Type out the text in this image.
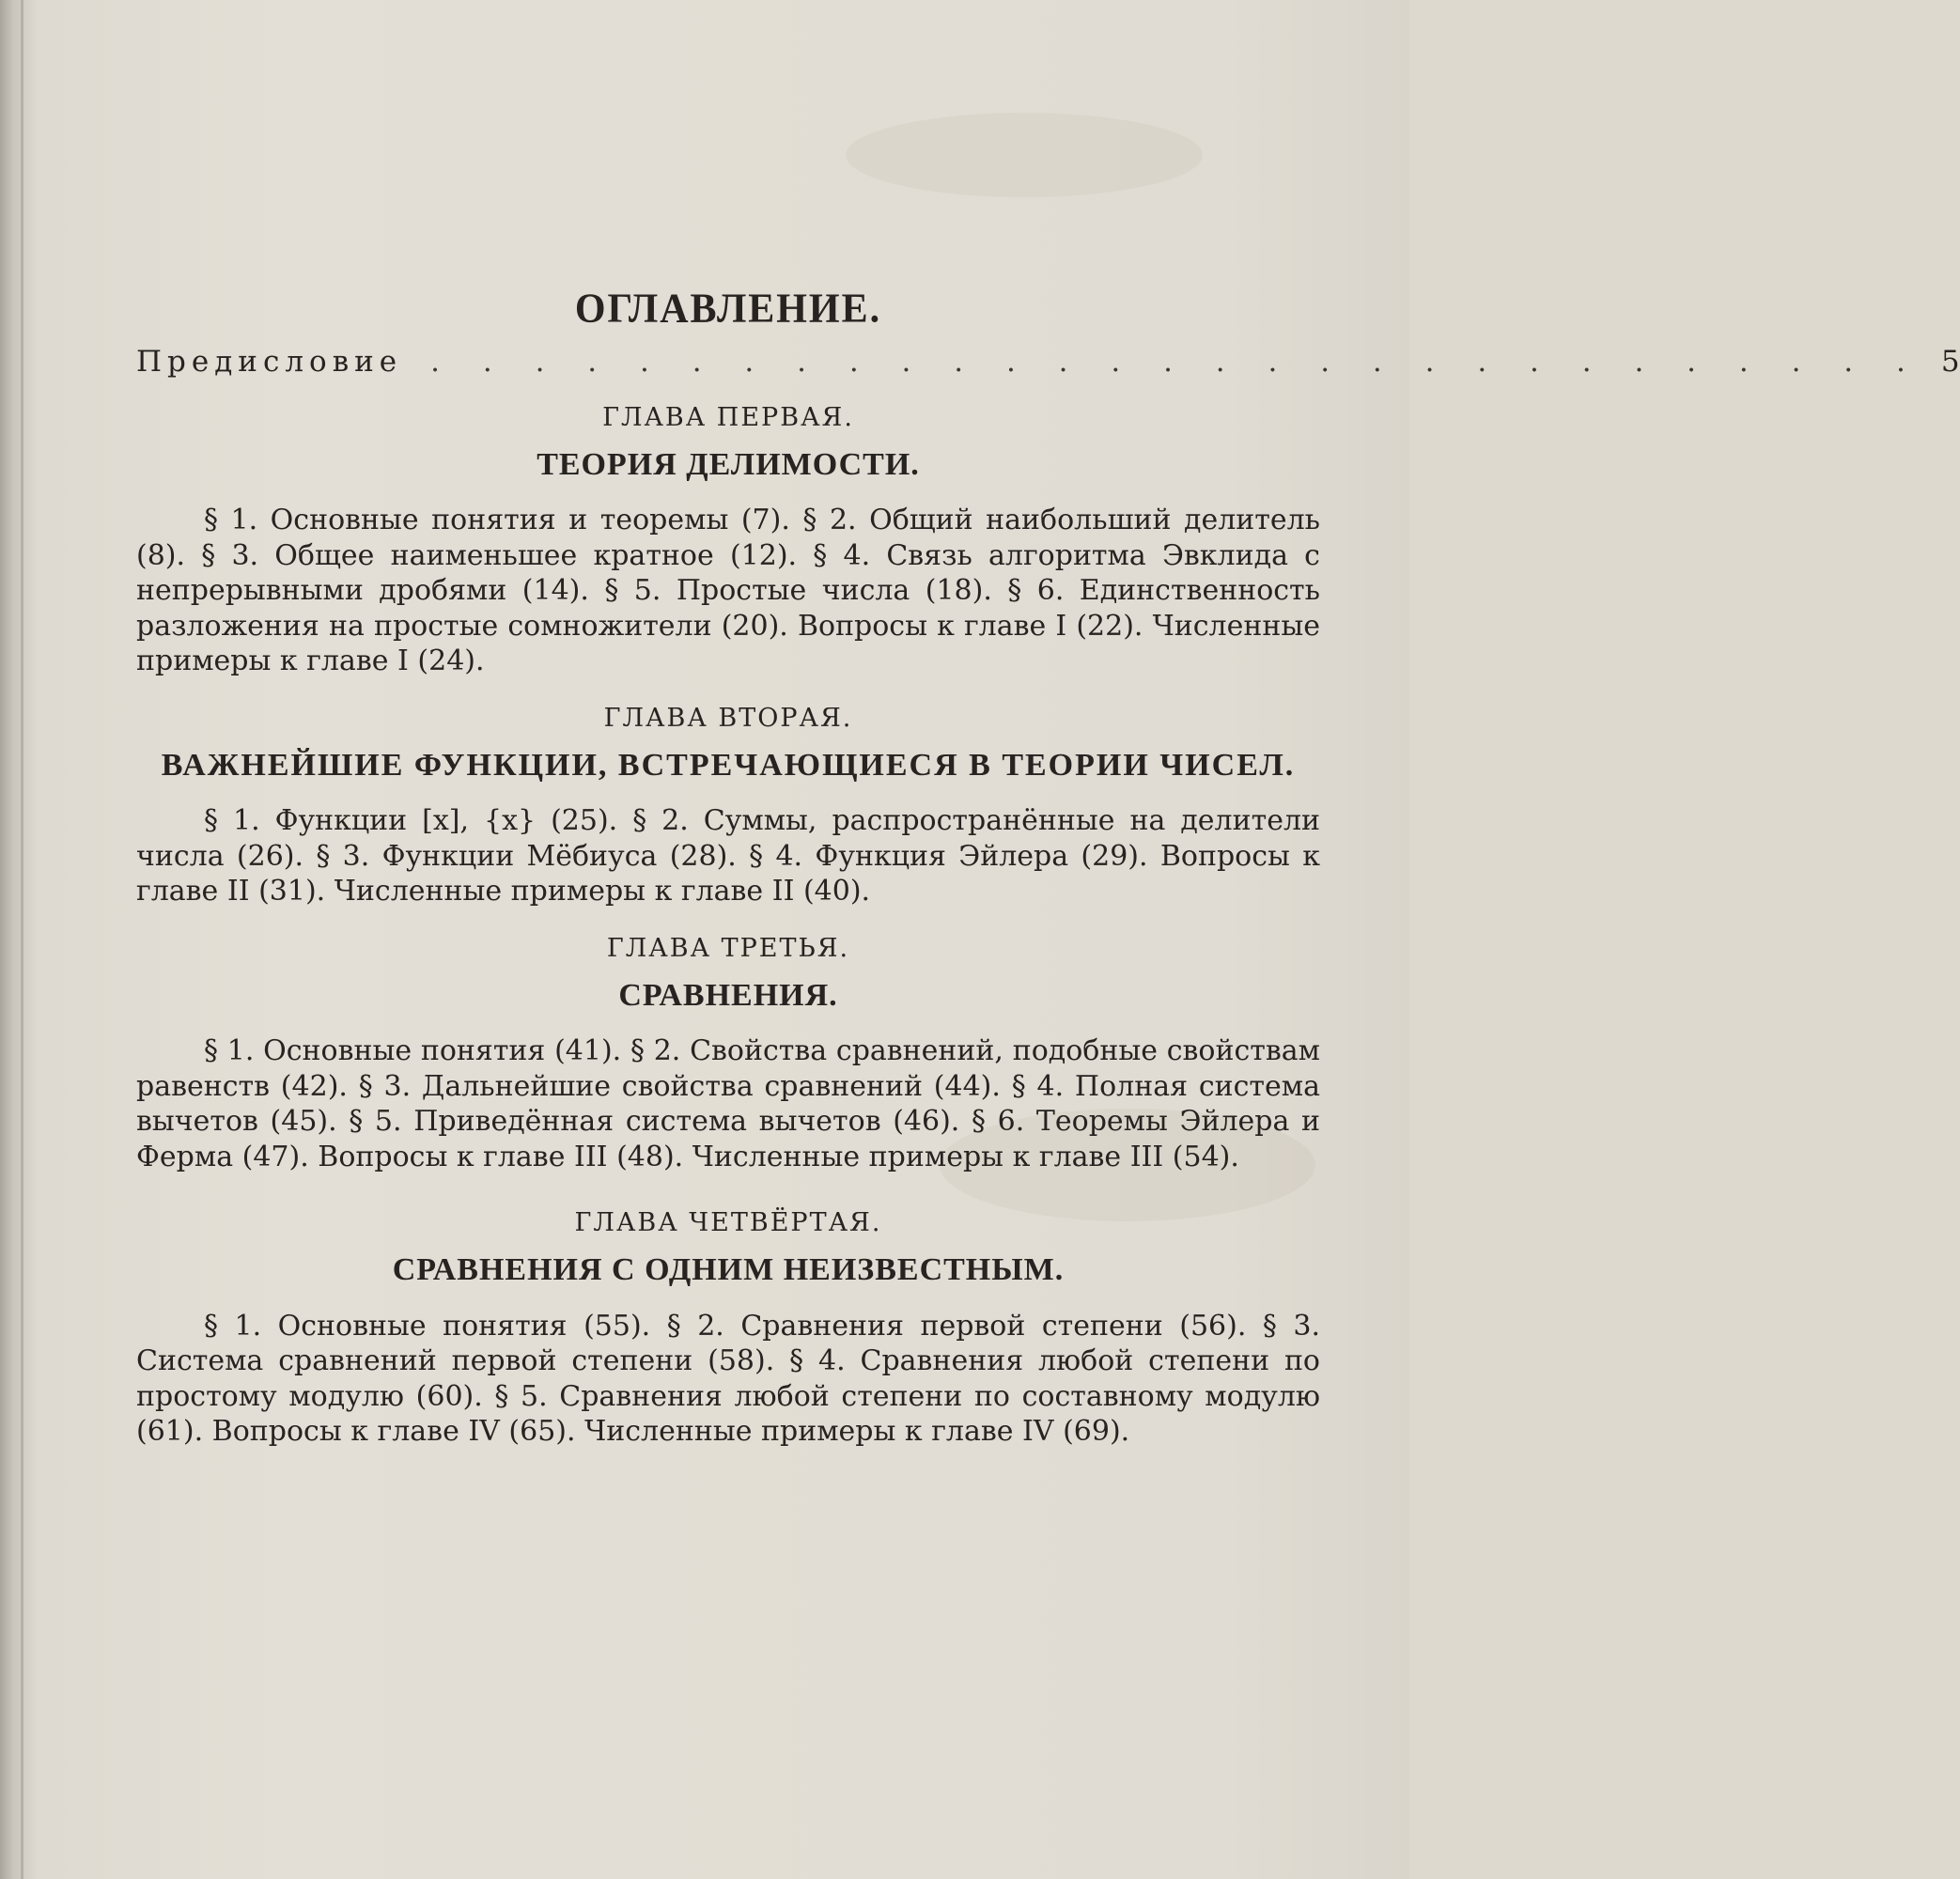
ОГЛАВЛЕНИЕ.
Предисловие . . . . . . . . . . . . . . . . . . . . . . . . . . . . . 5
ГЛАВА ПЕРВАЯ.
ТЕОРИЯ ДЕЛИМОСТИ.

§ 1. Основные понятия и теоремы (7). § 2. Общий наибольший делитель (8). § 3. Общее наименьшее кратное (12). § 4. Связь алгоритма Эвклида с непрерывными дробями (14). § 5. Простые числа (18). § 6. Единственность разложения на простые сомножители (20). Вопросы к главе I (22). Численные примеры к главе I (24).

ГЛАВА ВТОРАЯ.
ВАЖНЕЙШИЕ ФУНКЦИИ, ВСТРЕЧАЮЩИЕСЯ В ТЕОРИИ ЧИСЕЛ.

§ 1. Функции [x], {x} (25). § 2. Суммы, распространённые на делители числа (26). § 3. Функции Мёбиуса (28). § 4. Функция Эйлера (29). Вопросы к главе II (31). Численные примеры к главе II (40).

ГЛАВА ТРЕТЬЯ.
СРАВНЕНИЯ.

§ 1. Основные понятия (41). § 2. Свойства сравнений, подобные свойствам равенств (42). § 3. Дальнейшие свойства сравнений (44). § 4. Полная система вычетов (45). § 5. Приведённая система вычетов (46). § 6. Теоремы Эйлера и Ферма (47). Вопросы к главе III (48). Численные примеры к главе III (54).

ГЛАВА ЧЕТВЁРТАЯ.
СРАВНЕНИЯ С ОДНИМ НЕИЗВЕСТНЫМ.

§ 1. Основные понятия (55). § 2. Сравнения первой степени (56). § 3. Система сравнений первой степени (58). § 4. Сравнения любой степени по простому модулю (60). § 5. Сравнения любой степени по составному модулю (61). Вопросы к главе IV (65). Численные примеры к главе IV (69).
